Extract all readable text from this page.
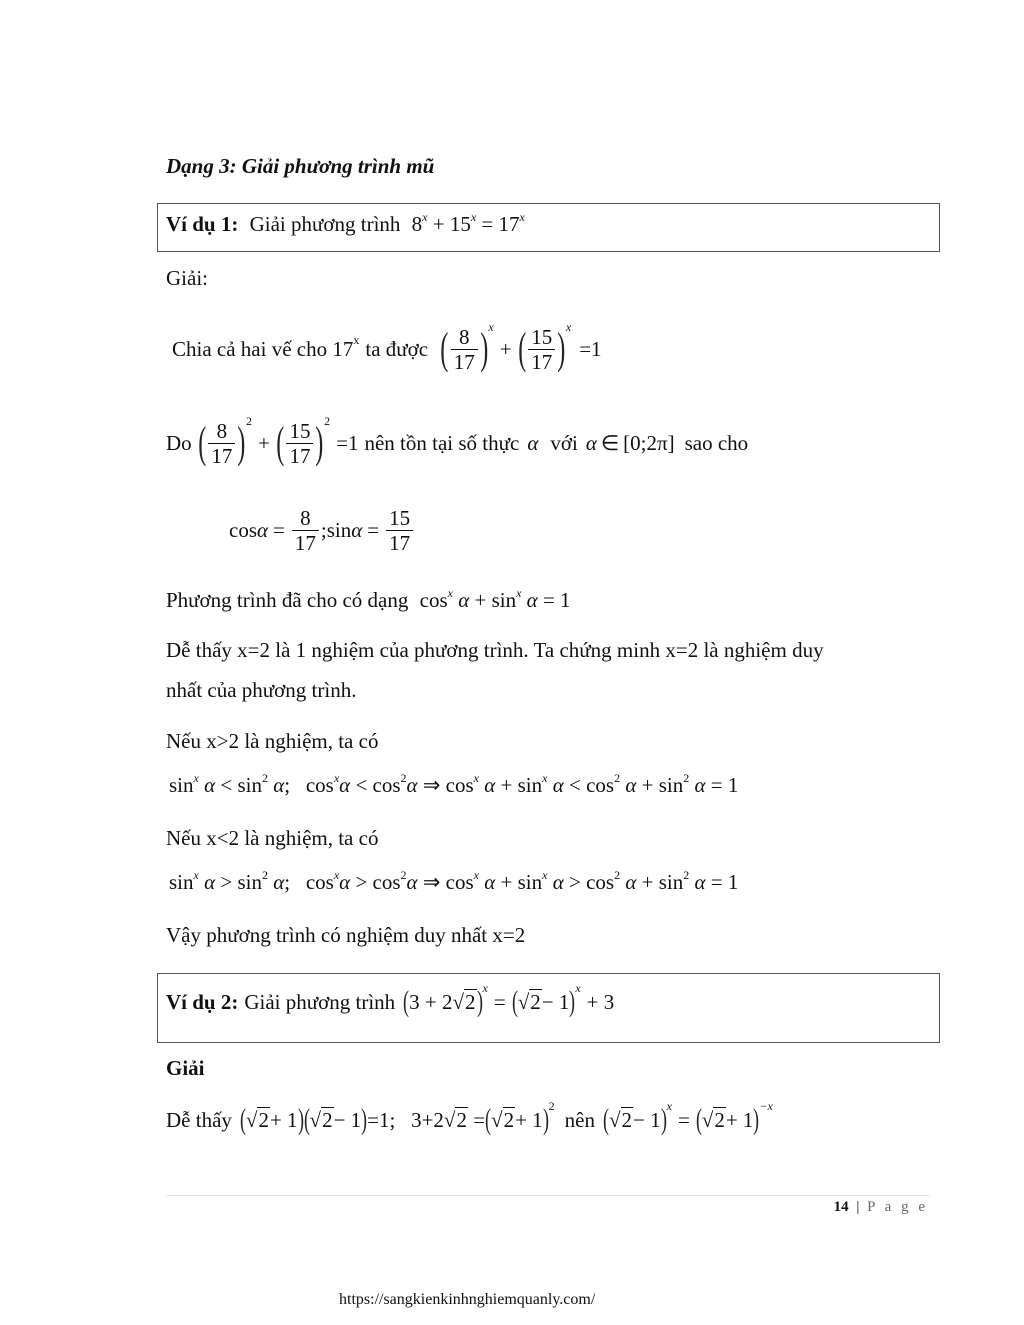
Dạng 3: Giải phương trình mũ
Ví dụ 1: Giải phương trình $8^x + 15^x = 17^x$
Giải:
Chia cả hai vế cho 17$^x$ ta được ( $\frac{8}{17} )^x$
+ ( $\frac{15}{17} )^x$
= 1
Do ( $\frac{8}{17} )^2$
+ ( $\frac{15}{17} )^2$
= 1 nên tồn tại số thực α với α ∈ [0;2π] sao cho
$\cos \alpha = \frac{8}{17}$ ; $\sin \alpha = \frac{15}{17}$
Phương trình đã cho có dạng $\cos^x \alpha + \sin^x \alpha = 1$
Dễ thấy x=2 là 1 nghiệm của phương trình. Ta chứng minh x=2 là nghiệm duy
nhất của phương trình.
Nếu x>2 là nghiệm, ta có
$\sin^x \alpha < \sin^2 \alpha$;   $\cos^x\alpha < \cos^2\alpha$ ⇒ $\cos^x \alpha + \sin^x \alpha < \cos^2 \alpha + \sin^2 \alpha = 1$
Nếu x<2 là nghiệm, ta có
$\sin^x \alpha > \sin^2 \alpha$;   $\cos^x\alpha > \cos^2\alpha$ ⇒ $\cos^x \alpha + \sin^x \alpha > \cos^2 \alpha + \sin^2 \alpha = 1$
Vậy phương trình có nghiệm duy nhất x=2
Ví dụ 2: Giải phương trình ( 3 + 2√ 2 )$^x$
= ( √ 2 − 1 )$^x$
+ 3
Giải
Dễ thấy ( √ 2 + 1 ) ( √ 2 − 1 ) =1;   3+2√2 = ( √ 2 + 1 )$^2$
nên ( √ 2 − 1 )$^x$
= ( √ 2 + 1 )$^{-x}$
14 | P a g e
https://sangkienkinhnghiemquanly.com/
